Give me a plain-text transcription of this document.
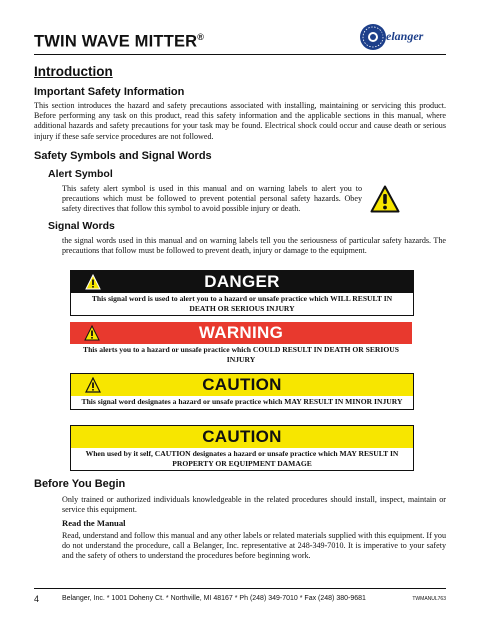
TWIN WAVE MITTER®	Belanger
Introduction
Important Safety Information
This section introduces the hazard and safety precautions associated with installing, maintaining or servicing this product. Before performing any task on this product, read this safety information and the applicable sections in this manual, where additional hazards and safety precautions for your task may be found. Electrical shock could occur and cause death or serious injury if these safe service procedures are not followed.
Safety Symbols and Signal Words
Alert Symbol
This safety alert symbol is used in this manual and on warning labels to alert you to precautions which must be followed to prevent potential personal safety hazards. Obey safety directives that follow this symbol to avoid possible injury or death.
Signal Words
the signal words used in this manual and on warning labels tell you the seriousness of particular safety hazards. The precautions that follow must be followed to prevent death, injury or damage to the equipment.
DANGER
This signal word is used to alert you to a hazard or unsafe practice which WILL RESULT IN DEATH OR SERIOUS INJURY
WARNING
This alerts you to a hazard or unsafe practice which COULD RESULT IN DEATH OR SERIOUS INJURY
CAUTION
This signal word designates a hazard or unsafe practice which MAY RESULT IN MINOR INJURY
CAUTION
When used by it self, CAUTION designates a hazard or unsafe practice which MAY RESULT IN PROPERTY OR EQUIPMENT DAMAGE
Before You Begin
Only trained or authorized individuals knowledgeable in the related procedures should install, inspect, maintain or service this equipment.
Read the Manual
Read, understand and follow this manual and any other labels or related materials supplied with this equipment. If you do not understand the procedure, call a Belanger, Inc. representative at 248-349-7010. It is imperative to your safety and the safety of others to understand the procedures before beginning work.
4	Belanger, Inc. * 1001 Doheny Ct. * Northville, MI 48167 * Ph (248) 349-7010 * Fax (248) 380-9681	TWMANUL763
